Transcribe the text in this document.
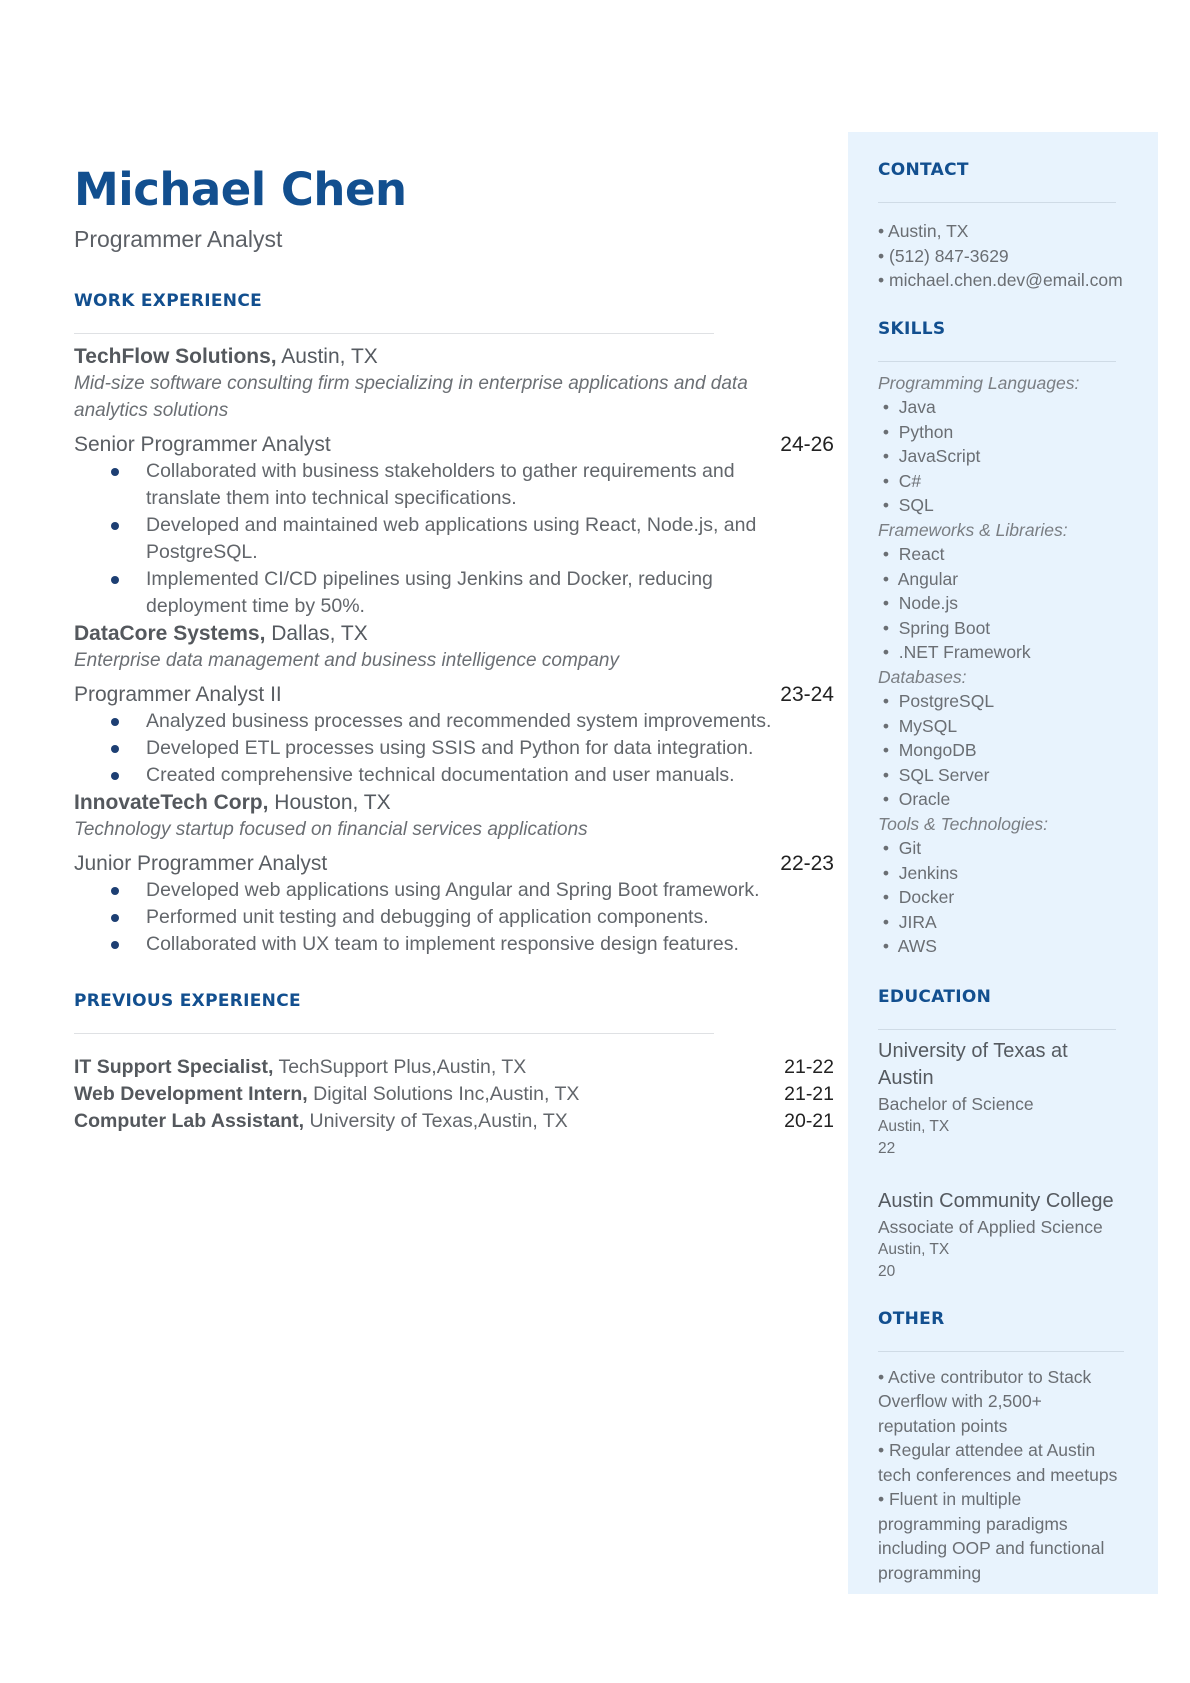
Michael Chen
Programmer Analyst
WORK EXPERIENCE
TechFlow Solutions, Austin, TX
Mid-size software consulting firm specializing in enterprise applications and data
analytics solutions
Senior Programmer Analyst	24-26
Collaborated with business stakeholders to gather requirements and
translate them into technical specifications.
Developed and maintained web applications using React, Node.js, and
PostgreSQL.
Implemented CI/CD pipelines using Jenkins and Docker, reducing
deployment time by 50%.
DataCore Systems, Dallas, TX
Enterprise data management and business intelligence company
Programmer Analyst II	23-24
Analyzed business processes and recommended system improvements.
Developed ETL processes using SSIS and Python for data integration.
Created comprehensive technical documentation and user manuals.
InnovateTech Corp, Houston, TX
Technology startup focused on financial services applications
Junior Programmer Analyst	22-23
Developed web applications using Angular and Spring Boot framework.
Performed unit testing and debugging of application components.
Collaborated with UX team to implement responsive design features.
PREVIOUS EXPERIENCE
IT Support Specialist, TechSupport Plus,Austin, TX	21-22
Web Development Intern, Digital Solutions Inc,Austin, TX	21-21
Computer Lab Assistant, University of Texas,Austin, TX	20-21
CONTACT
• Austin, TX
• (512) 847-3629
• michael.chen.dev@email.com
SKILLS
Programming Languages:
•  Java
•  Python
•  JavaScript
•  C#
•  SQL
Frameworks & Libraries:
•  React
•  Angular
•  Node.js
•  Spring Boot
•  .NET Framework
Databases:
•  PostgreSQL
•  MySQL
•  MongoDB
•  SQL Server
•  Oracle
Tools & Technologies:
•  Git
•  Jenkins
•  Docker
•  JIRA
•  AWS
EDUCATION
University of Texas at
Austin
Bachelor of Science
Austin, TX
22
Austin Community College
Associate of Applied Science
Austin, TX
20
OTHER
• Active contributor to Stack
Overflow with 2,500+
reputation points
• Regular attendee at Austin
tech conferences and meetups
• Fluent in multiple
programming paradigms
including OOP and functional
programming
